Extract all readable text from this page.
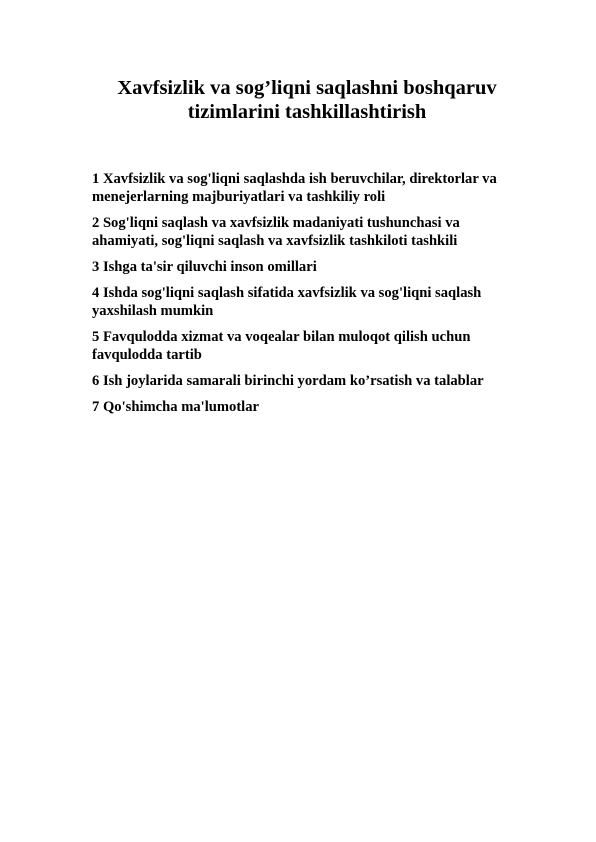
Xavfsizlik va sog’liqni saqlashni boshqaruv
tizimlarini tashkillashtirish
1 Xavfsizlik va sog'liqni saqlashda ish beruvchilar, direktorlar va
menejerlarning majburiyatlari va tashkiliy roli
2 Sog'liqni saqlash va xavfsizlik madaniyati tushunchasi va
ahamiyati, sog'liqni saqlash va xavfsizlik tashkiloti tashkili
3 Ishga ta'sir qiluvchi inson omillari
4 Ishda sog'liqni saqlash sifatida xavfsizlik va sog'liqni saqlash
yaxshilash mumkin
5 Favqulodda xizmat va voqealar bilan muloqot qilish uchun
favqulodda tartib
6 Ish joylarida samarali birinchi yordam ko’rsatish va talablar
7 Qo'shimcha ma'lumotlar
